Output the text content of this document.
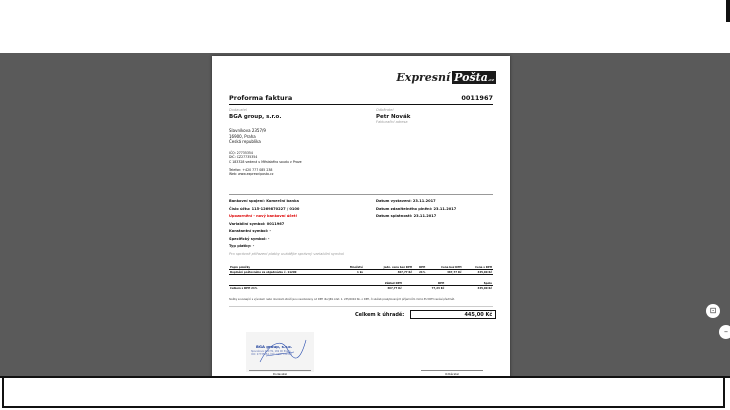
Expresní Pošta.cz
Proforma faktura	0011967
Dodavatel
BGA group, s.r.o.
Slavníkova 2357/9
16900, Praha
Česká republika
IČO: 27735354
DIČ: CZ27735354
C 183328 vedená u Městského soudu v Praze
Telefon: +420 777 085 238
Web: www.expresnipostа.cz
Odběratel
Petr Novák
Fakturační adresa
Bankovní spojení: Komerční banka
Číslo účtu: 115-1269870227 / 0100
Upozornění - nový bankovní účet!
Variabilní symbol: 0011967
Konstantní symbol: -
Specifický symbol: -
Typ platby: -
Pro správné přiřazení platby uvádějte správný variabilní symbol
Datum vystavení: 23.11.2017
Datum zdanitelného plnění: 23.11.2017
Datum splatnosti: 23.11.2017
Popis položky	Množství	Jedn. cena bez DPH	DPH	Cena bez DPH	Cena s DPH
Doplnění poštovného za objednávku č. 11290	1 ks	367,77 Kč	21%	367,77 Kč	445,00 Kč
	Základ DPH	DPH	Spolu
Celkem s DPH 21%	367,77 Kč	77,23 Kč	445,00 Kč
Služby související s vývozem nebo dovozem zboží jsou osvobozeny od DPH dle §69 odst. 1. 235/2004 Sb. o DPH, či služeb poskytovaných příjemcům mimo EU DPH nenásí předmět.
Celkem k úhradě:	445,00 Kč
BGA group, s.r.o.
Slavníkova 2357/9, 169 00 Praha
IČO: 27735354, DIČ: CZ27735354
Dodavatel	Odběratel
⊡
–
